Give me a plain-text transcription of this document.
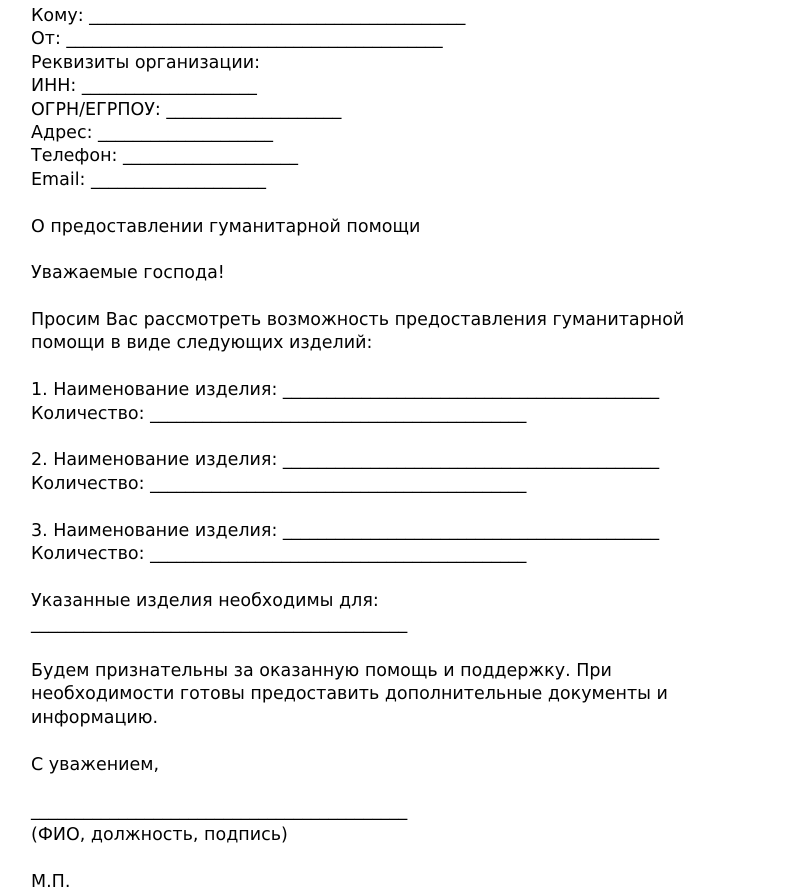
Кому: ___________________________________________
От: ___________________________________________
Реквизиты организации:
ИНН: ____________________
ОГРН/ЕГРПОУ: ____________________
Адрес: ____________________
Телефон: ____________________
Email: ____________________
О предоставлении гуманитарной помощи
Уважаемые господа!
Просим Вас рассмотреть возможность предоставления гуманитарной помощи в виде следующих изделий:
1. Наименование изделия: ___________________________________________
Количество: ___________________________________________
2. Наименование изделия: ___________________________________________
Количество: ___________________________________________
3. Наименование изделия: ___________________________________________
Количество: ___________________________________________
Указанные изделия необходимы для:
___________________________________________
Будем признательны за оказанную помощь и поддержку. При необходимости готовы предоставить дополнительные документы и информацию.
С уважением,
___________________________________________
(ФИО, должность, подпись)
М.П.
